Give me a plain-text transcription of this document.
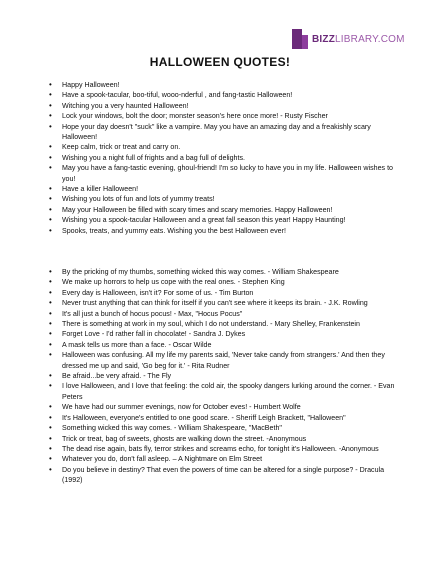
BIZZLIBRARY.COM
HALLOWEEN QUOTES!
• Happy Halloween!
• Have a spook-tacular, boo-tiful, wooo-nderful , and fang-tastic Halloween!
• Witching you a very haunted Halloween!
• Lock your windows, bolt the door; monster season's here once more! - Rusty Fischer
• Hope your day doesn't "suck" like a vampire. May you have an amazing day and a freakishly scary Halloween!
• Keep calm, trick or treat and carry on.
• Wishing you a night full of frights and a bag full of delights.
• May you have a fang-tastic evening, ghoul-friend! I'm so lucky to have you in my life. Halloween wishes to you!
• Have a killer Halloween!
• Wishing you lots of fun and lots of yummy treats!
• May your Halloween be filled with scary times and scary memories. Happy Halloween!
• Wishing you a spook-tacular Halloween and a great fall season this year! Happy Haunting!
• Spooks, treats, and yummy eats. Wishing you the best Halloween ever!
• By the pricking of my thumbs, something wicked this way comes. - William Shakespeare
• We make up horrors to help us cope with the real ones. - Stephen King
• Every day is Halloween, isn't it? For some of us. - Tim Burton
• Never trust anything that can think for itself if you can't see where it keeps its brain. - J.K. Rowling
• It's all just a bunch of hocus pocus! - Max, "Hocus Pocus"
• There is something at work in my soul, which I do not understand. - Mary Shelley, Frankenstein
• Forget Love - I'd rather fall in chocolate! - Sandra J. Dykes
• A mask tells us more than a face. - Oscar Wilde
• Halloween was confusing. All my life my parents said, 'Never take candy from strangers.' And then they dressed me up and said, 'Go beg for it.' - Rita Rudner
• Be afraid...be very afraid. - The Fly
• I love Halloween, and I love that feeling: the cold air, the spooky dangers lurking around the corner. - Evan Peters
• We have had our summer evenings, now for October eves! - Humbert Wolfe
• It's Halloween, everyone's entitled to one good scare. - Sheriff Leigh Brackett, "Halloween"
• Something wicked this way comes. - William Shakespeare, "MacBeth"
• Trick or treat, bag of sweets, ghosts are walking down the street. -Anonymous
• The dead rise again, bats fly, terror strikes and screams echo, for tonight it's Halloween. -Anonymous
• Whatever you do, don't fall asleep. – A Nightmare on Elm Street
• Do you believe in destiny? That even the powers of time can be altered for a single purpose? - Dracula (1992)
